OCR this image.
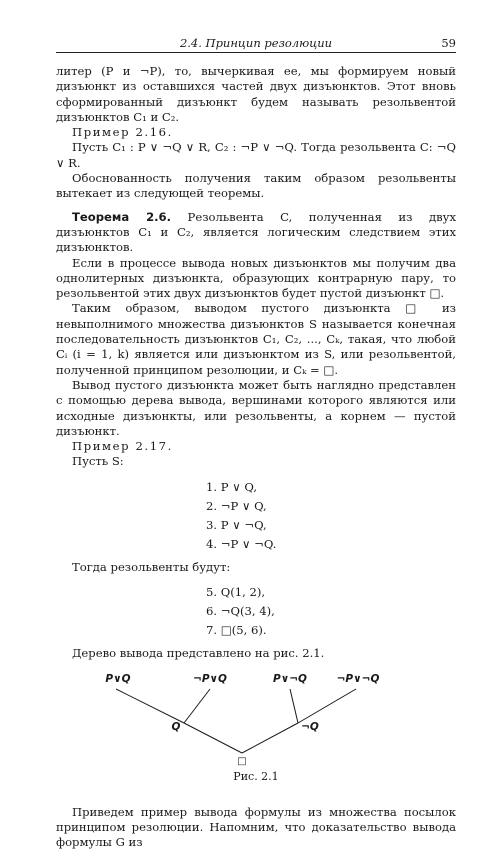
2.4. Принцип резолюции	59

литер (P и ¬P), то, вычеркивая ее, мы формируем новый дизъюнкт из оставшихся частей двух дизъюнктов. Этот вновь сформированный дизъюнкт будем называть резольвентой дизъюнктов C₁ и C₂.

Пример 2.16.

Пусть C₁ : P ∨ ¬Q ∨ R, C₂ : ¬P ∨ ¬Q. Тогда резольвента C: ¬Q ∨ R.

Обоснованность получения таким образом резольвенты вытекает из следующей теоремы.

Теорема 2.6. Резольвента C, полученная из двух дизъюнктов C₁ и C₂, является логическим следствием этих дизъюнктов.

Если в процессе вывода новых дизъюнктов мы получим два однолитерных дизъюнкта, образующих контрарную пару, то резольвентой этих двух дизъюнктов будет пустой дизъюнкт □.

Таким образом, выводом пустого дизъюнкта □ из невыполнимого множества дизъюнктов S называется конечная последовательность дизъюнктов C₁, C₂, ..., Cₖ, такая, что любой Cᵢ (i = 1, k) является или дизъюнктом из S, или резольвентой, полученной принципом резолюции, и Cₖ = □.

Вывод пустого дизъюнкта может быть наглядно представлен с помощью дерева вывода, вершинами которого являются или исходные дизъюнкты, или резольвенты, а корнем — пустой дизъюнкт.

Пример 2.17.

Пусть S:

1. P ∨ Q,
2. ¬P ∨ Q,
3. P ∨ ¬Q,
4. ¬P ∨ ¬Q.

Тогда резольвенты будут:

5. Q(1, 2),
6. ¬Q(3, 4),
7. □(5, 6).

Дерево вывода представлено на рис. 2.1.

P∨Q	¬P∨Q	P∨¬Q	¬P∨¬Q
Q	¬Q
□
Рис. 2.1

Приведем пример вывода формулы из множества посылок принципом резолюции. Напомним, что доказательство вывода формулы G из
